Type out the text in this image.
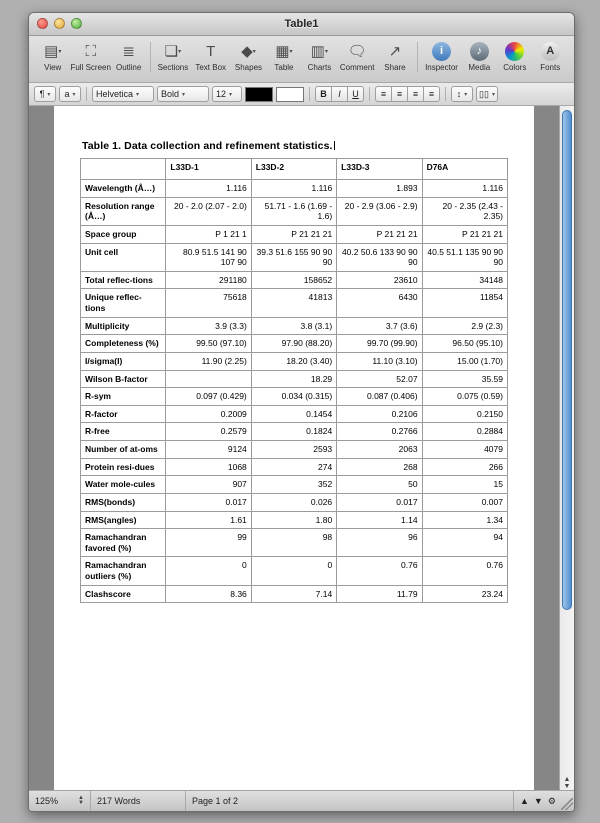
Table1
▤ ▾
View
⛶
Full Screen
≣
Outline
❏ ▾
Sections
T
Text Box
◆ ▾
Shapes
▦ ▾
Table
▥ ▾
Charts
🗨
Comment
↗
Share
i
Inspector
♪
Media Colors
A
Fonts
¶ ▾ a ▾ Helvetica ▾ Bold ▾	12 ▾	B	I	U	≡	≡	≡	≡	↕ ▾ ▯▯ ▾
Table 1. Data collection and refinement statistics.
	L33D-1	L33D-2	L33D-3	D76A
Wavelength (Å…)	1.116	1.116	1.893	1.116
Resolution range (Å…)	20 - 2.0 (2.07 - 2.0)	51.71 - 1.6 (1.69 - 1.6)	20 - 2.9 (3.06 - 2.9)	20 - 2.35 (2.43 - 2.35)
Space group	P 1 21 1	P 21 21 21	P 21 21 21	P 21 21 21
Unit cell	80.9 51.5 141 90 107 90	39.3 51.6 155 90 90 90	40.2 50.6 133 90 90 90	40.5 51.1 135 90 90 90
Total reflec-tions	291180	158652	23610	34148
Unique reflec-tions	75618	41813	6430	11854
Multiplicity	3.9 (3.3)	3.8 (3.1)	3.7 (3.6)	2.9 (2.3)
Completeness (%)	99.50 (97.10)	97.90 (88.20)	99.70 (99.90)	96.50 (95.10)
I/sigma(I)	11.90 (2.25)	18.20 (3.40)	11.10 (3.10)	15.00 (1.70)
Wilson B-factor		18.29	52.07	35.59
R-sym	0.097 (0.429)	0.034 (0.315)	0.087 (0.406)	0.075 (0.59)
R-factor	0.2009	0.1454	0.2106	0.2150
R-free	0.2579	0.1824	0.2766	0.2884
Number of at-oms	9124	2593	2063	4079
Protein resi-dues	1068	274	268	266
Water mole-cules	907	352	50	15
RMS(bonds)	0.017	0.026	0.017	0.007
RMS(angles)	1.61	1.80	1.14	1.34
Ramachandran favored (%)	99	98	96	94
Ramachandran outliers (%)	0	0	0.76	0.76
Clashscore	8.36	7.14	11.79	23.24
▲
▼
125%	▲
▼	217 Words	Page 1 of 2	▲ ▼ ⚙
